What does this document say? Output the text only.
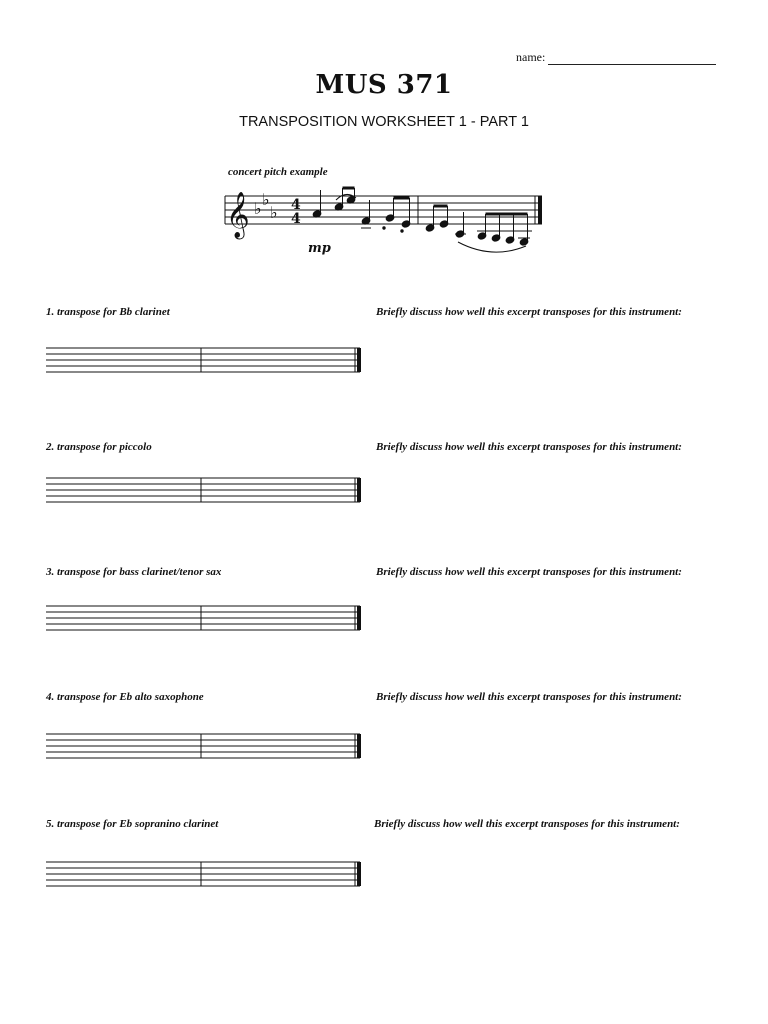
name:
MUS 371
TRANSPOSITION WORKSHEET 1 - PART 1
concert pitch example
𝄞 ♭ ♭
♭ 4
4
mp
1. transpose for Bb clarinet	Briefly discuss how well this excerpt transposes for this instrument:
2. transpose for piccolo	Briefly discuss how well this excerpt transposes for this instrument:
3. transpose for bass clarinet/tenor sax	Briefly discuss how well this excerpt transposes for this instrument:
4. transpose for Eb alto saxophone	Briefly discuss how well this excerpt transposes for this instrument:
5. transpose for Eb sopranino clarinet	Briefly discuss how well this excerpt transposes for this instrument:
